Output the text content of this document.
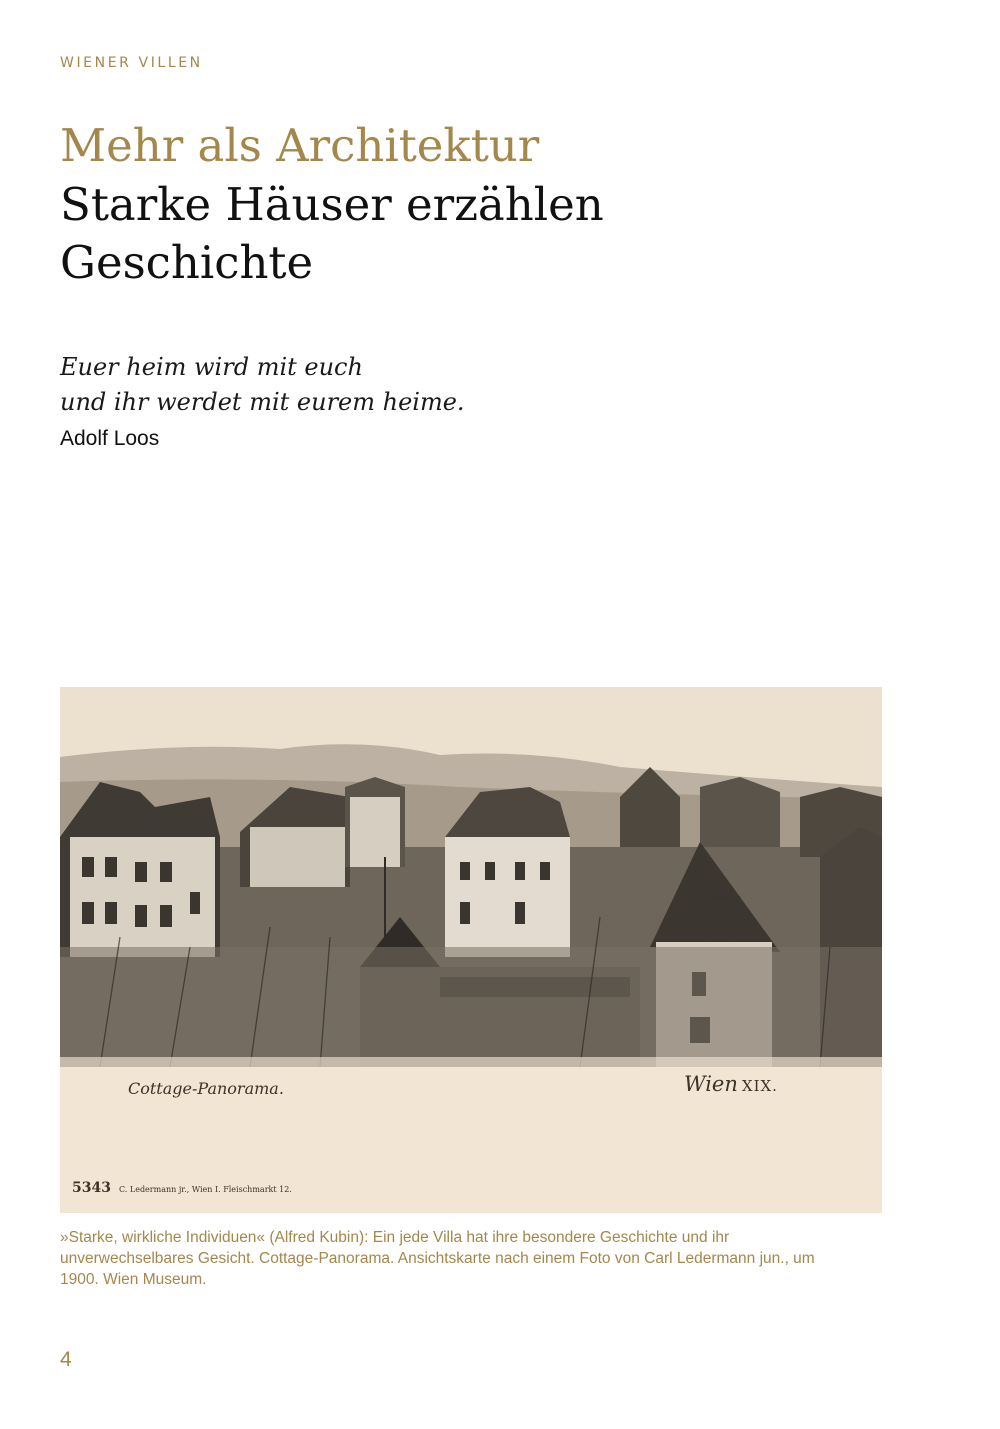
WIENER VILLEN
Mehr als Architektur
Starke Häuser erzählen Geschichte
Euer heim wird mit euch
und ihr werdet mit eurem heime.
Adolf Loos
Cottage-Panorama.	Wien XIX.
5343 C. Ledermann jr., Wien I. Fleischmarkt 12.
»Starke, wirkliche Individuen« (Alfred Kubin): Ein jede Villa hat ihre besondere Geschichte und ihr unverwechselbares Gesicht. Cottage-Panorama. Ansichtskarte nach einem Foto von Carl Ledermann jun., um 1900. Wien Museum.
4
